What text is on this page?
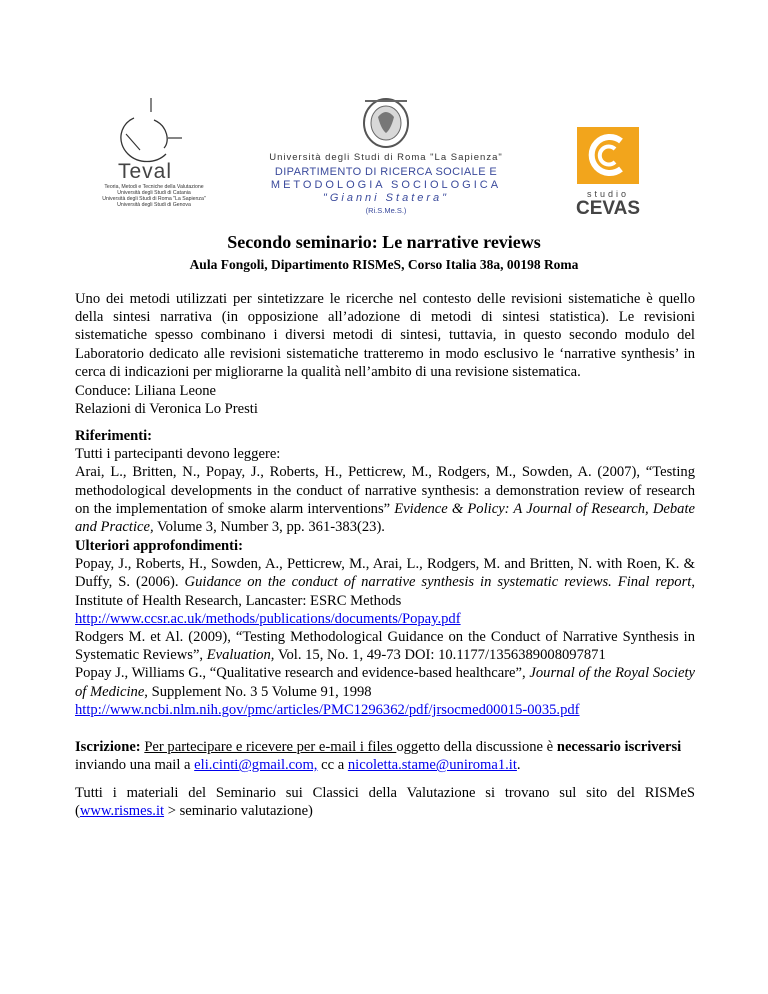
Teval
Teoria, Metodi e Tecniche della Valutazione
Università degli Studi di Catania
Università degli Studi di Roma "La Sapienza"
Università degli Studi di Genova
Università degli Studi di Roma "La Sapienza"
DIPARTIMENTO DI RICERCA SOCIALE E
METODOLOGIA SOCIOLOGICA
"Gianni Statera"
(Ri.S.Me.S.)
studio
CEVAS
Secondo seminario: Le narrative reviews
Aula Fongoli, Dipartimento RISMeS, Corso Italia 38a, 00198 Roma
Uno dei metodi utilizzati per sintetizzare le ricerche nel contesto delle revisioni sistematiche è quello della sintesi narrativa (in opposizione all’adozione di metodi di sintesi statistica). Le revisioni sistematiche spesso combinano i diversi metodi di sintesi, tuttavia, in questo secondo modulo del Laboratorio dedicato alle revisioni sistematiche tratteremo in modo esclusivo le ‘narrative synthesis’ in cerca di indicazioni per migliorarne la qualità nell’ambito di una revisione sistematica.

Conduce: Liliana Leone

Relazioni di Veronica Lo Presti

Riferimenti:

Tutti i partecipanti devono leggere:

Arai, L., Britten, N., Popay, J., Roberts, H., Petticrew, M., Rodgers, M., Sowden, A. (2007), “Testing methodological developments in the conduct of narrative synthesis: a demonstration review of research on the implementation of smoke alarm interventions” Evidence & Policy: A Journal of Research, Debate and Practice, Volume 3, Number 3, pp. 361-383(23).

Ulteriori approfondimenti:

Popay, J., Roberts, H., Sowden, A., Petticrew, M., Arai, L., Rodgers, M. and Britten, N. with Roen, K. & Duffy, S. (2006). Guidance on the conduct of narrative synthesis in systematic reviews. Final report, Institute of Health Research, Lancaster: ESRC Methods

http://www.ccsr.ac.uk/methods/publications/documents/Popay.pdf

Rodgers M. et Al. (2009), “Testing Methodological Guidance on the Conduct of Narrative Synthesis in Systematic Reviews”, Evaluation, Vol. 15, No. 1, 49-73 DOI: 10.1177/1356389008097871

Popay J., Williams G., “Qualitative research and evidence-based healthcare”, Journal of the Royal Society of Medicine, Supplement No. 3 5 Volume 91, 1998

http://www.ncbi.nlm.nih.gov/pmc/articles/PMC1296362/pdf/jrsocmed00015-0035.pdf

Iscrizione: Per partecipare e ricevere per e-mail i files oggetto della discussione è necessario iscriversi

inviando una mail a eli.cinti@gmail.com, cc a nicoletta.stame@uniroma1.it.

Tutti i materiali del Seminario sui Classici della Valutazione si trovano sul sito del RISMeS (www.rismes.it > seminario valutazione)
